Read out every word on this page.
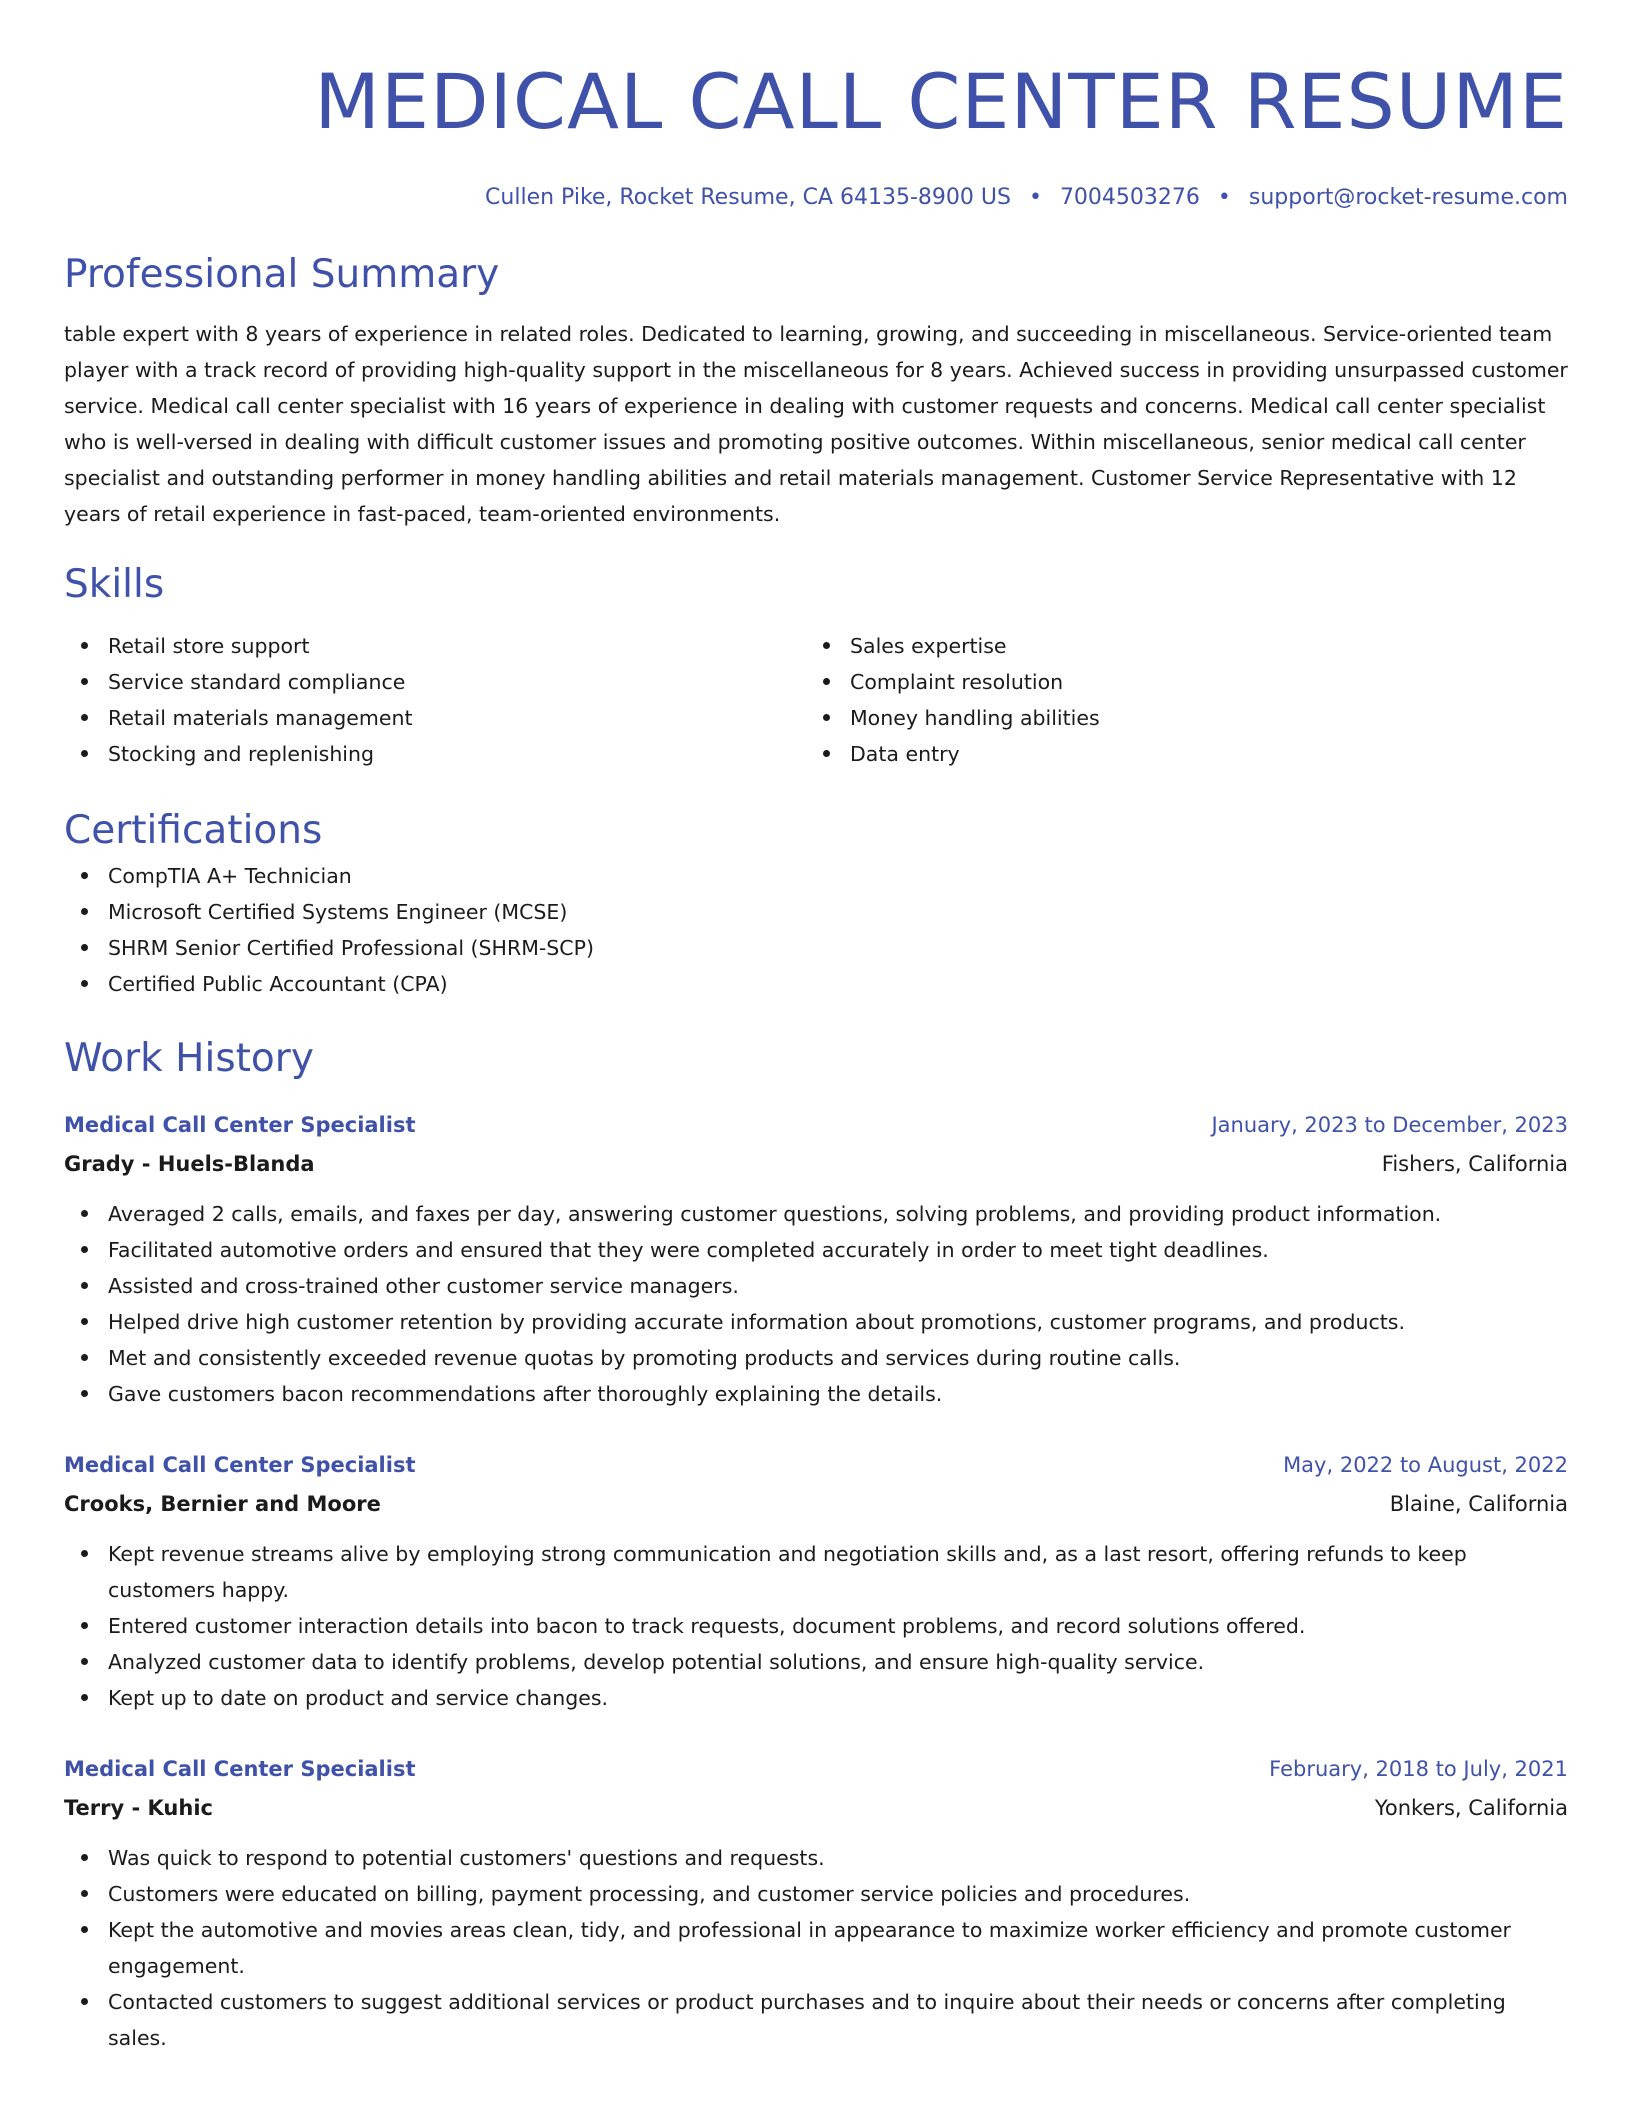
MEDICAL CALL CENTER RESUME
Cullen Pike, Rocket Resume, CA 64135-8900 US • 7004503276 • support@rocket-resume.com
Professional Summary

table expert with 8 years of experience in related roles. Dedicated to learning, growing, and succeeding in miscellaneous. Service-oriented team player with a track record of providing high-quality support in the miscellaneous for 8 years. Achieved success in providing unsurpassed customer service. Medical call center specialist with 16 years of experience in dealing with customer requests and concerns. Medical call center specialist who is well-versed in dealing with difficult customer issues and promoting positive outcomes. Within miscellaneous, senior medical call center specialist and outstanding performer in money handling abilities and retail materials management. Customer Service Representative with 12 years of retail experience in fast-paced, team-oriented environments.

Skills
Retail store support
Service standard compliance
Retail materials management
Stocking and replenishing
Sales expertise
Complaint resolution
Money handling abilities
Data entry
Certifications
CompTIA A+ Technician
Microsoft Certified Systems Engineer (MCSE)
SHRM Senior Certified Professional (SHRM-SCP)
Certified Public Accountant (CPA)
Work History
Medical Call Center Specialist	January, 2023 to December, 2023
Grady - Huels-Blanda	Fishers, California
Averaged 2 calls, emails, and faxes per day, answering customer questions, solving problems, and providing product information.
Facilitated automotive orders and ensured that they were completed accurately in order to meet tight deadlines.
Assisted and cross-trained other customer service managers.
Helped drive high customer retention by providing accurate information about promotions, customer programs, and products.
Met and consistently exceeded revenue quotas by promoting products and services during routine calls.
Gave customers bacon recommendations after thoroughly explaining the details.
Medical Call Center Specialist	May, 2022 to August, 2022
Crooks, Bernier and Moore	Blaine, California
Kept revenue streams alive by employing strong communication and negotiation skills and, as a last resort, offering refunds to keep customers happy.
Entered customer interaction details into bacon to track requests, document problems, and record solutions offered.
Analyzed customer data to identify problems, develop potential solutions, and ensure high-quality service.
Kept up to date on product and service changes.
Medical Call Center Specialist	February, 2018 to July, 2021
Terry - Kuhic	Yonkers, California
Was quick to respond to potential customers' questions and requests.
Customers were educated on billing, payment processing, and customer service policies and procedures.
Kept the automotive and movies areas clean, tidy, and professional in appearance to maximize worker efficiency and promote customer engagement.
Contacted customers to suggest additional services or product purchases and to inquire about their needs or concerns after completing sales.
